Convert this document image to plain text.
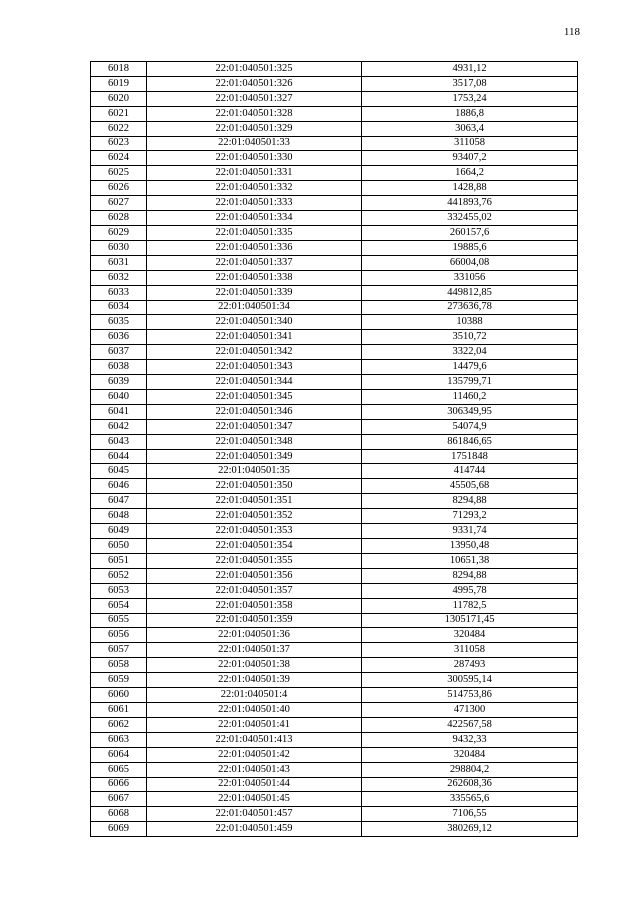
118
6018	22:01:040501:325	4931,12
6019	22:01:040501:326	3517,08
6020	22:01:040501:327	1753,24
6021	22:01:040501:328	1886,8
6022	22:01:040501:329	3063,4
6023	22:01:040501:33	311058
6024	22:01:040501:330	93407,2
6025	22:01:040501:331	1664,2
6026	22:01:040501:332	1428,88
6027	22:01:040501:333	441893,76
6028	22:01:040501:334	332455,02
6029	22:01:040501:335	260157,6
6030	22:01:040501:336	19885,6
6031	22:01:040501:337	66004,08
6032	22:01:040501:338	331056
6033	22:01:040501:339	449812,85
6034	22:01:040501:34	273636,78
6035	22:01:040501:340	10388
6036	22:01:040501:341	3510,72
6037	22:01:040501:342	3322,04
6038	22:01:040501:343	14479,6
6039	22:01:040501:344	135799,71
6040	22:01:040501:345	11460,2
6041	22:01:040501:346	306349,95
6042	22:01:040501:347	54074,9
6043	22:01:040501:348	861846,65
6044	22:01:040501:349	1751848
6045	22:01:040501:35	414744
6046	22:01:040501:350	45505,68
6047	22:01:040501:351	8294,88
6048	22:01:040501:352	71293,2
6049	22:01:040501:353	9331,74
6050	22:01:040501:354	13950,48
6051	22:01:040501:355	10651,38
6052	22:01:040501:356	8294,88
6053	22:01:040501:357	4995,78
6054	22:01:040501:358	11782,5
6055	22:01:040501:359	1305171,45
6056	22:01:040501:36	320484
6057	22:01:040501:37	311058
6058	22:01:040501:38	287493
6059	22:01:040501:39	300595,14
6060	22:01:040501:4	514753,86
6061	22:01:040501:40	471300
6062	22:01:040501:41	422567,58
6063	22:01:040501:413	9432,33
6064	22:01:040501:42	320484
6065	22:01:040501:43	298804,2
6066	22:01:040501:44	262608,36
6067	22:01:040501:45	335565,6
6068	22:01:040501:457	7106,55
6069	22:01:040501:459	380269,12
